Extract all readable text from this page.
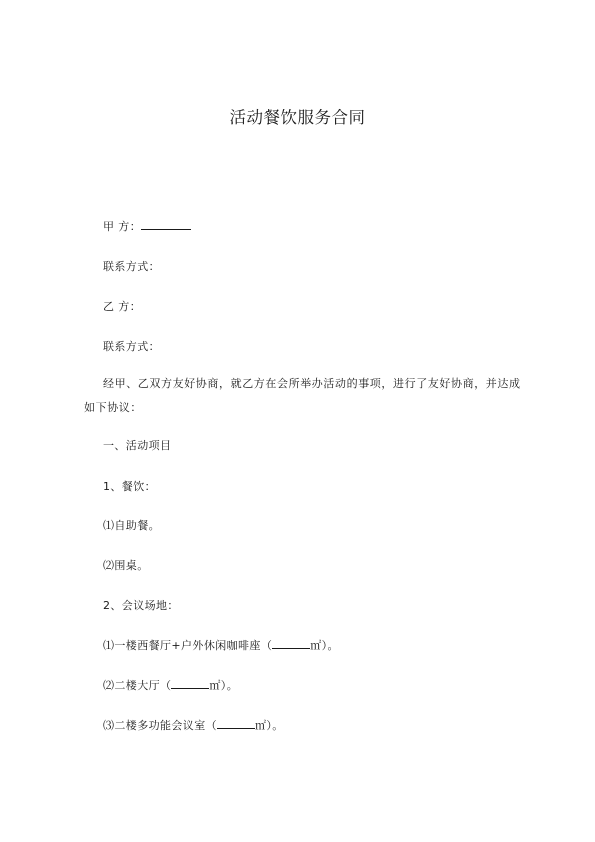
活动餐饮服务合同
甲 方：
联系方式：
乙 方：
联系方式：
经甲、乙双方友好协商，就乙方在会所举办活动的事项，进行了友好协商，并达成如下协议：
一、活动项目
1、餐饮：
⑴自助餐。
⑵围桌。
2、会议场地：
⑴一楼西餐厅+户外休闲咖啡座（	㎡）。
⑵二楼大厅（	㎡）。
⑶二楼多功能会议室（	㎡）。
